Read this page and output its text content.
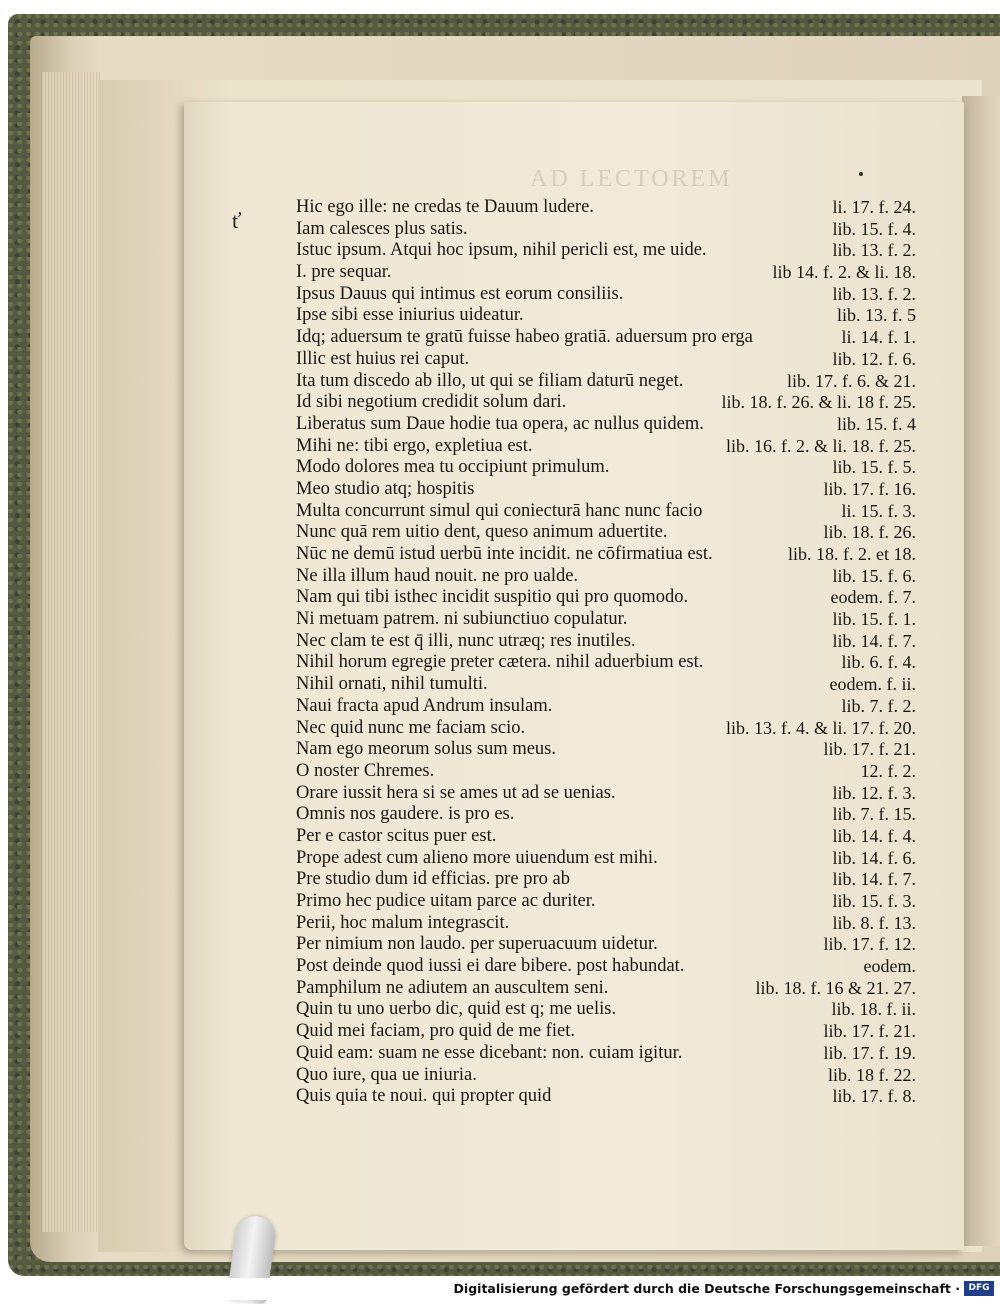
AD LECTOREM
ť
Hic ego ille: ne credas te Dauum ludere.	li. 17. f. 24.
Iam calesces plus satis.	lib. 15. f. 4.
Istuc ipsum. Atqui hoc ipsum, nihil pericli est, me uide.	lib. 13. f. 2.
I. pre sequar.	lib 14. f. 2. & li. 18.
Ipsus Dauus qui intimus est eorum consiliis.	lib. 13. f. 2.
Ipse sibi esse iniurius uideatur.	lib. 13. f. 5
Idq; aduersum te gratū fuisse habeo gratiā. aduersum pro erga	li. 14. f. 1.
Illic est huius rei caput.	lib. 12. f. 6.
Ita tum discedo ab illo, ut qui se filiam daturū neget.	lib. 17. f. 6. & 21.
Id sibi negotium credidit solum dari.	lib. 18. f. 26. & li. 18 f. 25.
Liberatus sum Daue hodie tua opera, ac nullus quidem.	lib. 15. f. 4
Mihi ne: tibi ergo, expletiua est.	lib. 16. f. 2. & li. 18. f. 25.
Modo dolores mea tu occipiunt primulum.	lib. 15. f. 5.
Meo studio atq; hospitis	lib. 17. f. 16.
Multa concurrunt simul qui coniecturā hanc nunc facio	li. 15. f. 3.
Nunc quā rem uitio dent, queso animum aduertite.	lib. 18. f. 26.
Nūc ne demū istud uerbū inte incidit. ne cōfirmatiua est.	lib. 18. f. 2. et 18.
Ne illa illum haud nouit. ne pro ualde.	lib. 15. f. 6.
Nam qui tibi isthec incidit suspitio qui pro quomodo.	eodem. f. 7.
Ni metuam patrem. ni subiunctiuo copulatur.	lib. 15. f. 1.
Nec clam te est q̄ illi, nunc utræq; res inutiles.	lib. 14. f. 7.
Nihil horum egregie preter cætera. nihil aduerbium est.	lib. 6. f. 4.
Nihil ornati, nihil tumulti.	eodem. f. ii.
Naui fracta apud Andrum insulam.	lib. 7. f. 2.
Nec quid nunc me faciam scio.	lib. 13. f. 4. & li. 17. f. 20.
Nam ego meorum solus sum meus.	lib. 17. f. 21.
O noster Chremes.	12. f. 2.
Orare iussit hera si se ames ut ad se uenias.	lib. 12. f. 3.
Omnis nos gaudere. is pro es.	lib. 7. f. 15.
Per e castor scitus puer est.	lib. 14. f. 4.
Prope adest cum alieno more uiuendum est mihi.	lib. 14. f. 6.
Pre studio dum id efficias. pre pro ab	lib. 14. f. 7.
Primo hec pudice uitam parce ac duriter.	lib. 15. f. 3.
Perii, hoc malum integrascit.	lib. 8. f. 13.
Per nimium non laudo. per superuacuum uidetur.	lib. 17. f. 12.
Post deinde quod iussi ei dare bibere. post habundat.	eodem.
Pamphilum ne adiutem an auscultem seni.	lib. 18. f. 16 & 21. 27.
Quin tu uno uerbo dic, quid est q; me uelis.	lib. 18. f. ii.
Quid mei faciam, pro quid de me fiet.	lib. 17. f. 21.
Quid eam: suam ne esse dicebant: non. cuiam igitur.	lib. 17. f. 19.
Quo iure, qua ue iniuria.	lib. 18 f. 22.
Quis quia te noui. qui propter quid	lib. 17. f. 8.
Digitalisierung gefördert durch die Deutsche Forschungsgemeinschaft · DFG
